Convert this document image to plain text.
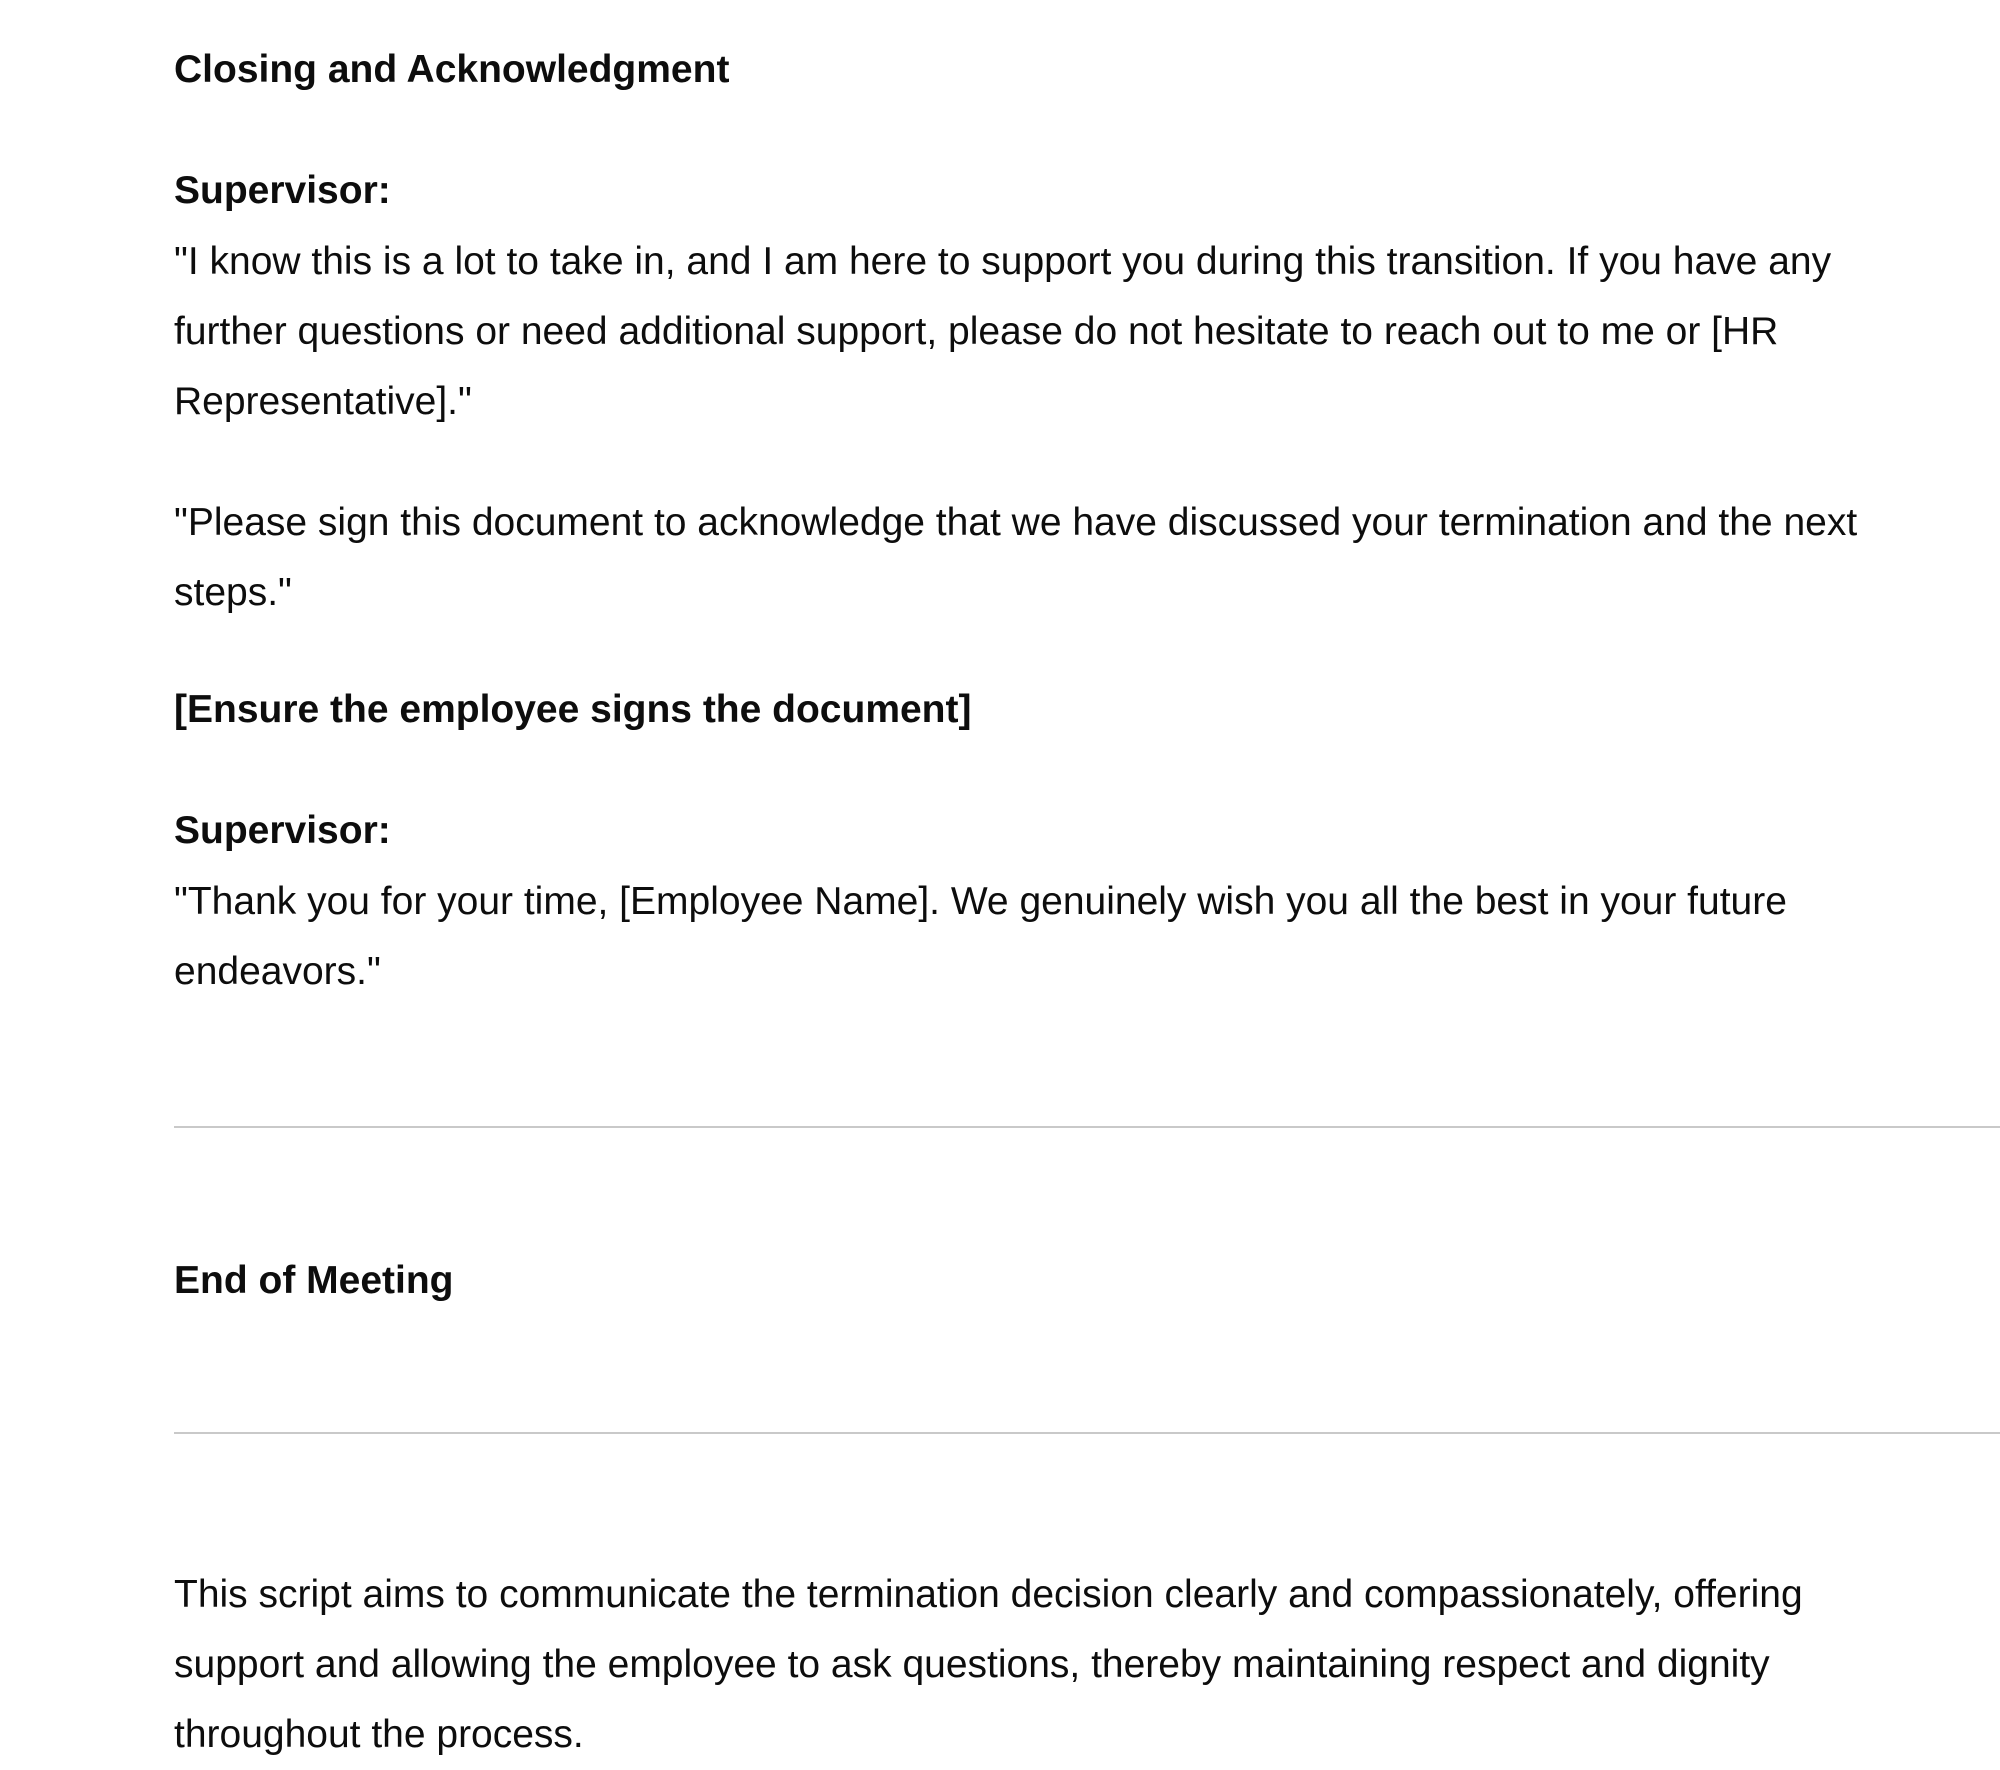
Closing and Acknowledgment
Supervisor:
"I know this is a lot to take in, and I am here to support you during this transition. If you have any
further questions or need additional support, please do not hesitate to reach out to me or [HR
Representative]."
"Please sign this document to acknowledge that we have discussed your termination and the next
steps."
[Ensure the employee signs the document]
Supervisor:
"Thank you for your time, [Employee Name]. We genuinely wish you all the best in your future
endeavors."
End of Meeting
This script aims to communicate the termination decision clearly and compassionately, offering
support and allowing the employee to ask questions, thereby maintaining respect and dignity
throughout the process.
